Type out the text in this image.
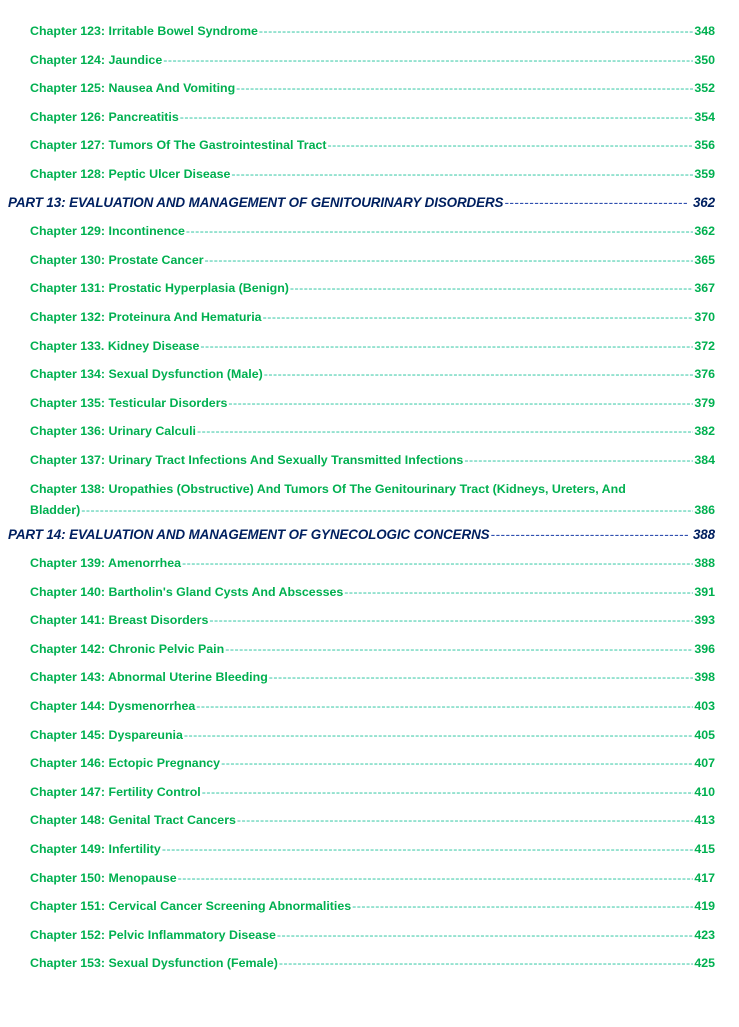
Chapter 123: Irritable Bowel Syndrome -----	348
Chapter 124: Jaundice -----	350
Chapter 125: Nausea And Vomiting -----	352
Chapter 126: Pancreatitis -----	354
Chapter 127: Tumors Of The Gastrointestinal Tract -----	356
Chapter 128: Peptic Ulcer Disease -----	359
PART 13: EVALUATION AND MANAGEMENT OF GENITOURINARY DISORDERS -----	362
Chapter 129: Incontinence -----	362
Chapter 130: Prostate Cancer -----	365
Chapter 131: Prostatic Hyperplasia (Benign) -----	367
Chapter 132: Proteinura And Hematuria -----	370
Chapter 133. Kidney Disease -----	372
Chapter 134: Sexual Dysfunction (Male) -----	376
Chapter 135: Testicular Disorders -----	379
Chapter 136: Urinary Calculi -----	382
Chapter 137: Urinary Tract Infections And Sexually Transmitted Infections -----	384
Chapter 138: Uropathies (Obstructive) And Tumors Of The Genitourinary Tract (Kidneys, Ureters, And
Bladder) -----	386
PART 14: EVALUATION AND MANAGEMENT OF GYNECOLOGIC CONCERNS -----	388
Chapter 139: Amenorrhea -----	388
Chapter 140: Bartholin's Gland Cysts And Abscesses -----	391
Chapter 141: Breast Disorders -----	393
Chapter 142: Chronic Pelvic Pain -----	396
Chapter 143: Abnormal Uterine Bleeding -----	398
Chapter 144: Dysmenorrhea -----	403
Chapter 145: Dyspareunia -----	405
Chapter 146: Ectopic Pregnancy -----	407
Chapter 147: Fertility Control -----	410
Chapter 148: Genital Tract Cancers -----	413
Chapter 149: Infertility -----	415
Chapter 150: Menopause -----	417
Chapter 151: Cervical Cancer Screening Abnormalities -----	419
Chapter 152: Pelvic Inflammatory Disease -----	423
Chapter 153: Sexual Dysfunction (Female) -----	425
